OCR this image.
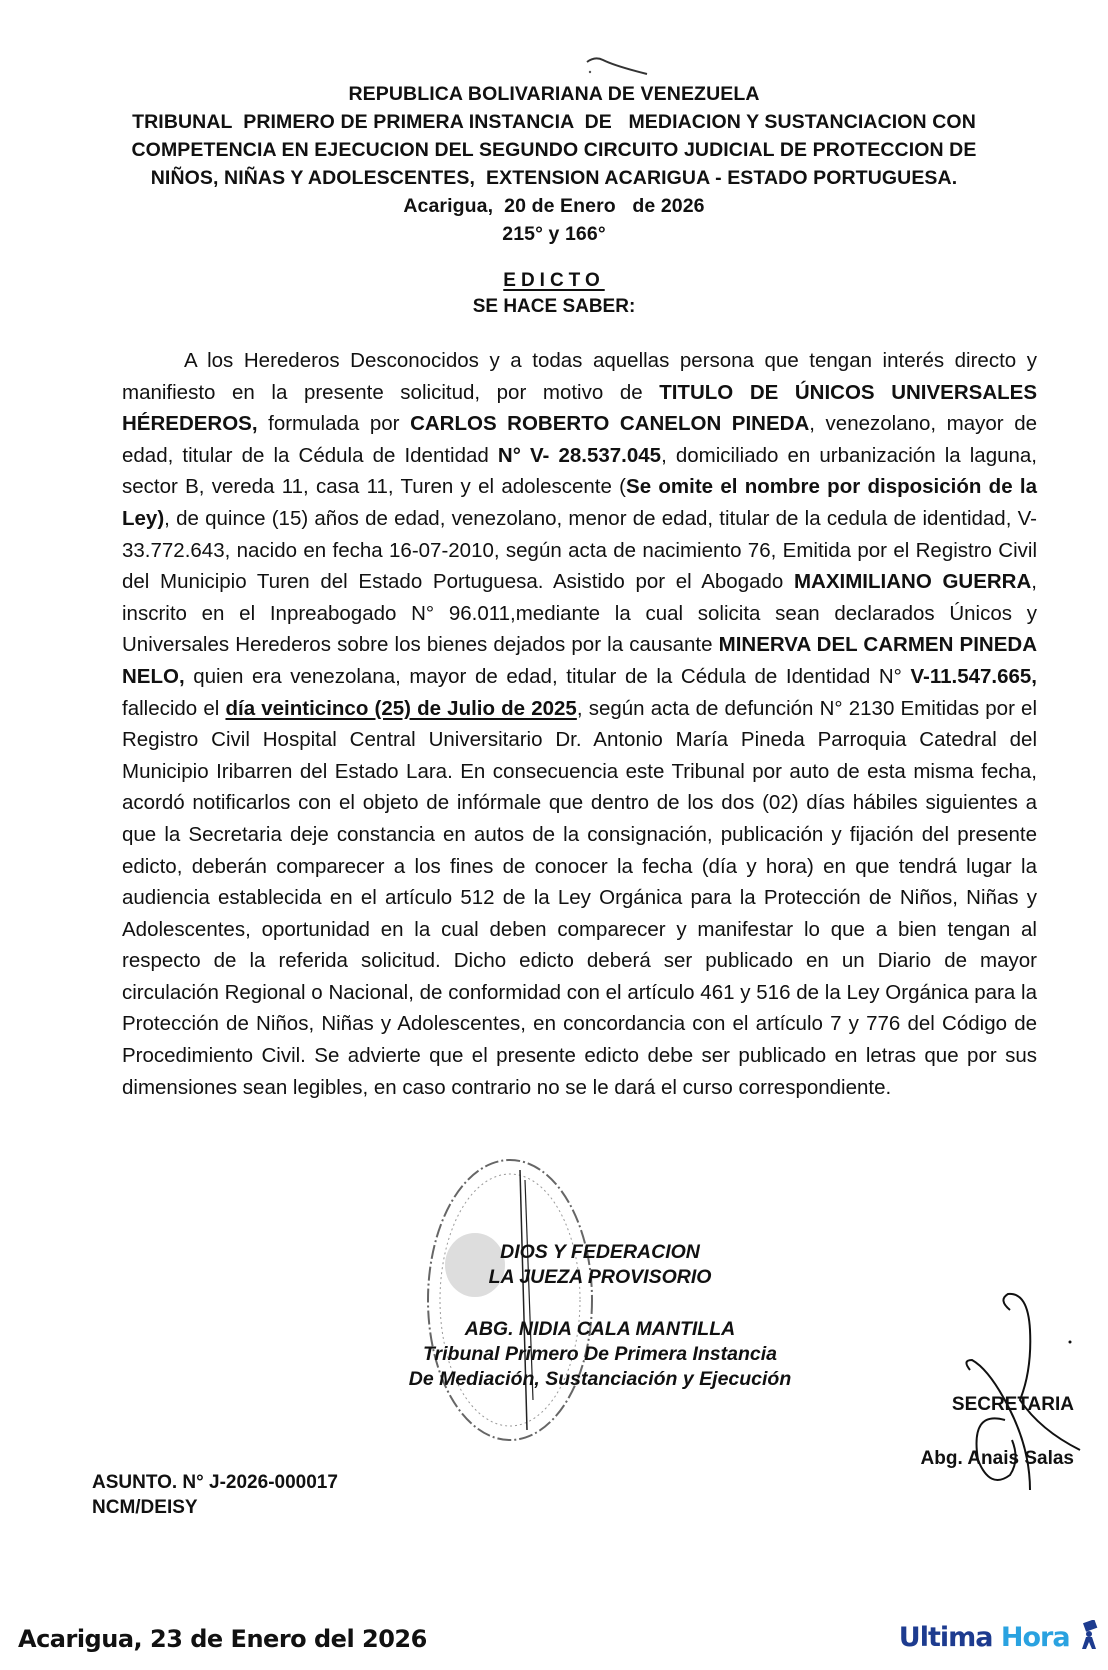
REPUBLICA BOLIVARIANA DE VENEZUELA
TRIBUNAL  PRIMERO DE PRIMERA INSTANCIA  DE   MEDIACION Y SUSTANCIACION CON
COMPETENCIA EN EJECUCION DEL SEGUNDO CIRCUITO JUDICIAL DE PROTECCION DE
NIÑOS, NIÑAS Y ADOLESCENTES,  EXTENSION ACARIGUA - ESTADO PORTUGUESA.
Acarigua,  20 de Enero   de 2026
215° y 166°
EDICTO
SE HACE SABER:

A los Herederos Desconocidos y a todas aquellas persona que tengan interés directo y manifiesto en la presente solicitud, por motivo de TITULO DE ÚNICOS UNIVERSALES HÉREDEROS, formulada por CARLOS ROBERTO CANELON PINEDA, venezolano, mayor de edad, titular de la Cédula de Identidad N° V- 28.537.045, domiciliado en urbanización la laguna, sector B, vereda 11, casa 11, Turen y el adolescente (Se omite el nombre por disposición de la Ley), de quince (15) años de edad, venezolano, menor de edad, titular de la cedula de identidad, V-33.772.643, nacido en fecha 16-07-2010, según acta de nacimiento 76, Emitida por el Registro Civil del Municipio Turen del Estado Portuguesa. Asistido por el Abogado MAXIMILIANO GUERRA, inscrito en el Inpreabogado N° 96.011,mediante la cual solicita sean declarados Únicos y Universales Herederos sobre los bienes dejados por la causante MINERVA DEL CARMEN PINEDA NELO, quien era venezolana, mayor de edad, titular de la Cédula de Identidad N° V-11.547.665, fallecido el día veinticinco (25) de Julio de 2025, según acta de defunción N° 2130 Emitidas por el Registro Civil Hospital Central Universitario Dr. Antonio María Pineda Parroquia Catedral del Municipio Iribarren del Estado Lara. En consecuencia este Tribunal por auto de esta misma fecha, acordó notificarlos con el objeto de infórmale que dentro de los dos (02) días hábiles siguientes a que la Secretaria deje constancia en autos de la consignación, publicación y fijación del presente edicto, deberán comparecer a los fines de conocer la fecha (día y hora) en que tendrá lugar la audiencia establecida en el artículo 512 de la Ley Orgánica para la Protección de Niños, Niñas y Adolescentes, oportunidad en la cual deben comparecer y manifestar lo que a bien tengan al respecto de la referida solicitud. Dicho edicto deberá ser publicado en un Diario de mayor circulación Regional o Nacional, de conformidad con el artículo 461 y 516 de la Ley Orgánica para la Protección de Niños, Niñas y Adolescentes, en concordancia con el artículo 7 y 776 del Código de Procedimiento Civil. Se advierte que el presente edicto debe ser publicado en letras que por sus dimensiones sean legibles, en caso contrario no se le dará el curso correspondiente.

DIOS Y FEDERACION
LA JUEZA PROVISORIO
ABG. NIDIA CALA MANTILLA
Tribunal Primero De Primera Instancia
De Mediación, Sustanciación y Ejecución
SECRETARIA
Abg. Anais Salas
ASUNTO. N° J-2026-000017
NCM/DEISY
Acarigua, 23 de Enero del 2026	Ultima Hora
